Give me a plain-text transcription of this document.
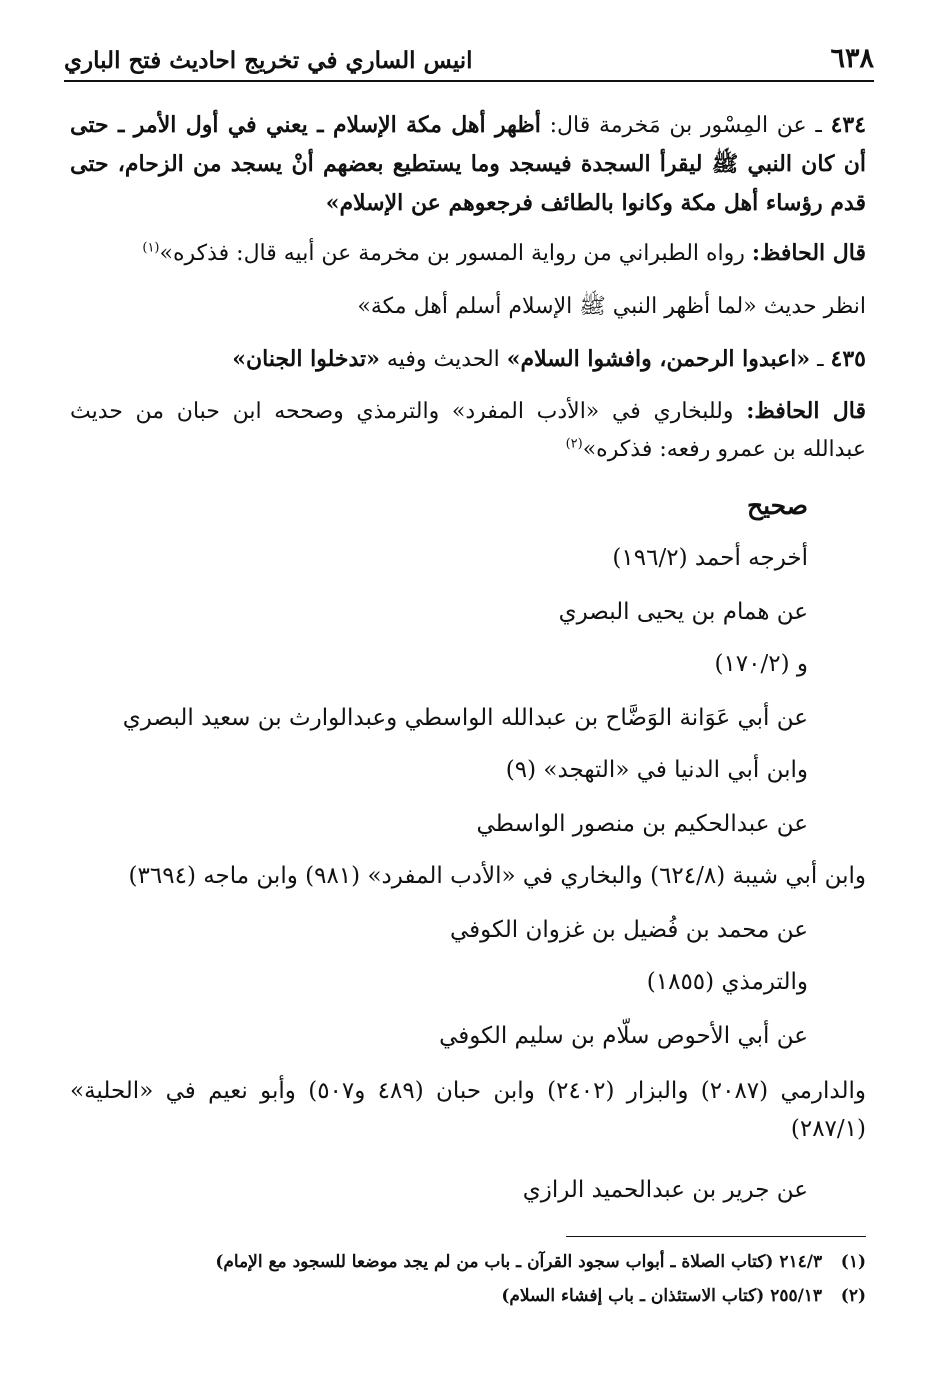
٦٣٨
انيس الساري في تخريج احاديث فتح الباري
٤٣٤ ـ عن المِسْور بن مَخرمة قال: أظهر أهل مكة الإسلام ـ يعني في أول الأمر ـ حتى أن كان النبي ﷺ ليقرأ السجدة فيسجد وما يستطيع بعضهم أنْ يسجد من الزحام، حتى قدم رؤساء أهل مكة وكانوا بالطائف فرجعوهم عن الإسلام»
قال الحافظ: رواه الطبراني من رواية المسور بن مخرمة عن أبيه قال: فذكره»$^{(١)}$
انظر حديث «لما أظهر النبي ﷺ الإسلام أسلم أهل مكة»
٤٣٥ ـ «اعبدوا الرحمن، وافشوا السلام» الحديث وفيه «تدخلوا الجنان»
قال الحافظ: وللبخاري في «الأدب المفرد» والترمذي وصححه ابن حبان من حديث عبدالله بن عمرو رفعه: فذكره»$^{(٢)}$
صحيح
أخرجه أحمد (١٩٦/٢)
عن همام بن يحيى البصري
و (١٧٠/٢)
عن أبي عَوَانة الوَضَّاح بن عبدالله الواسطي وعبدالوارث بن سعيد البصري
وابن أبي الدنيا في «التهجد» (٩)
عن عبدالحكيم بن منصور الواسطي
وابن أبي شيبة (٦٢٤/٨) والبخاري في «الأدب المفرد» (٩٨١) وابن ماجه (٣٦٩٤)
عن محمد بن فُضيل بن غزوان الكوفي
والترمذي (١٨٥٥)
عن أبي الأحوص سلّام بن سليم الكوفي
والدارمي (٢٠٨٧) والبزار (٢٤٠٢) وابن حبان (٤٨٩ و٥٠٧) وأبو نعيم في «الحلية» (٢٨٧/١)
عن جرير بن عبدالحميد الرازي
(١) ٢١٤/٣ (كتاب الصلاة ـ أبواب سجود القرآن ـ باب من لم يجد موضعا للسجود مع الإمام)
(٢) ٢٥٥/١٣ (كتاب الاستئذان ـ باب إفشاء السلام)
